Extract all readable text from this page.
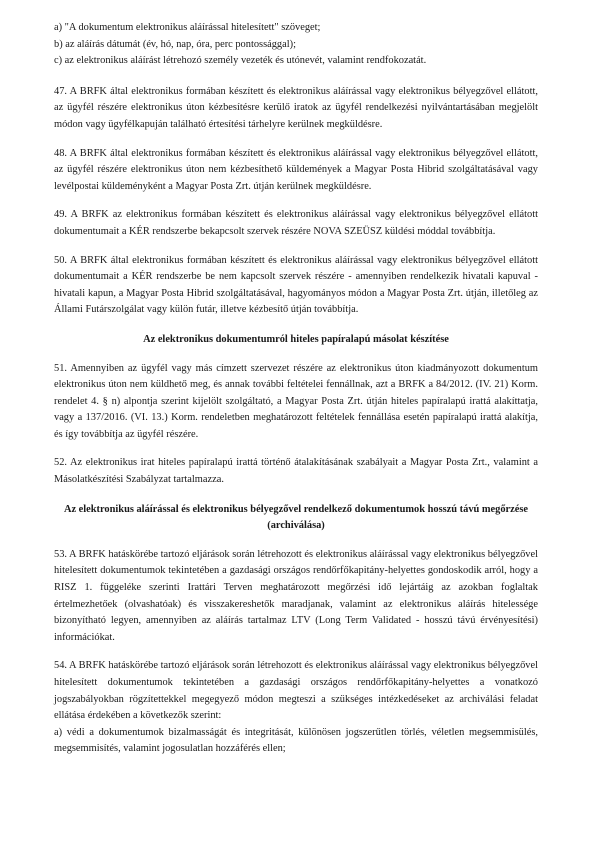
a) "A dokumentum elektronikus aláírással hitelesített" szöveget;

b) az aláírás dátumát (év, hó, nap, óra, perc pontossággal);

c) az elektronikus aláírást létrehozó személy vezeték és utónevét, valamint rendfokozatát.

47. A BRFK által elektronikus formában készített és elektronikus aláírással vagy elektronikus bélyegzővel ellátott, az ügyfél részére elektronikus úton kézbesítésre kerülő iratok az ügyfél rendelkezési nyilvántartásában megjelölt módon vagy ügyfélkapuján található értesítési tárhelyre kerülnek megküldésre.

48. A BRFK által elektronikus formában készített és elektronikus aláírással vagy elektronikus bélyegzővel ellátott, az ügyfél részére elektronikus úton nem kézbesíthető küldemények a Magyar Posta Hibrid szolgáltatásával vagy levélpostai küldeményként a Magyar Posta Zrt. útján kerülnek megküldésre.

49. A BRFK az elektronikus formában készített és elektronikus aláírással vagy elektronikus bélyegzővel ellátott dokumentumait a KÉR rendszerbe bekapcsolt szervek részére NOVA SZEÜSZ küldési móddal továbbítja.

50. A BRFK által elektronikus formában készített és elektronikus aláírással vagy elektronikus bélyegzővel ellátott dokumentumait a KÉR rendszerbe be nem kapcsolt szervek részére - amennyiben rendelkezik hivatali kapuval - hivatali kapun, a Magyar Posta Hibrid szolgáltatásával, hagyományos módon a Magyar Posta Zrt. útján, illetőleg az Állami Futárszolgálat vagy külön futár, illetve kézbesítő útján továbbítja.

Az elektronikus dokumentumról hiteles papíralapú másolat készítése

51. Amennyiben az ügyfél vagy más címzett szervezet részére az elektronikus úton kiadmányozott dokumentum elektronikus úton nem küldhető meg, és annak további feltételei fennállnak, azt a BRFK a 84/2012. (IV. 21) Korm. rendelet 4. § n) alpontja szerint kijelölt szolgáltató, a Magyar Posta Zrt. útján hiteles papíralapú irattá alakíttatja, vagy a 137/2016. (VI. 13.) Korm. rendeletben meghatározott feltételek fennállása esetén papíralapú irattá alakítja, és így továbbítja az ügyfél részére.

52. Az elektronikus irat hiteles papíralapú irattá történő átalakításának szabályait a Magyar Posta Zrt., valamint a Másolatkészítési Szabályzat tartalmazza.

Az elektronikus aláírással és elektronikus bélyegzővel rendelkező dokumentumok hosszú távú megőrzése (archiválása)

53. A BRFK hatáskörébe tartozó eljárások során létrehozott és elektronikus aláírással vagy elektronikus bélyegzővel hitelesített dokumentumok tekintetében a gazdasági országos rendőrfőkapitány-helyettes gondoskodik arról, hogy a RISZ 1. függeléke szerinti Irattári Terven meghatározott megőrzési idő lejártáig az azokban foglaltak értelmezhetőek (olvashatóak) és visszakereshetők maradjanak, valamint az elektronikus aláírás hitelessége bizonyítható legyen, amennyiben az aláírás tartalmaz LTV (Long Term Validated - hosszú távú érvényesítési) információkat.

54. A BRFK hatáskörébe tartozó eljárások során létrehozott és elektronikus aláírással vagy elektronikus bélyegzővel hitelesített dokumentumok tekintetében a gazdasági országos rendőrfőkapitány-helyettes a vonatkozó jogszabályokban rögzítettekkel megegyező módon megteszi a szükséges intézkedéseket az archiválási feladat ellátása érdekében a következők szerint:

a) védi a dokumentumok bizalmasságát és integritását, különösen jogszerűtlen törlés, véletlen megsemmisülés, megsemmisítés, valamint jogosulatlan hozzáférés ellen;
